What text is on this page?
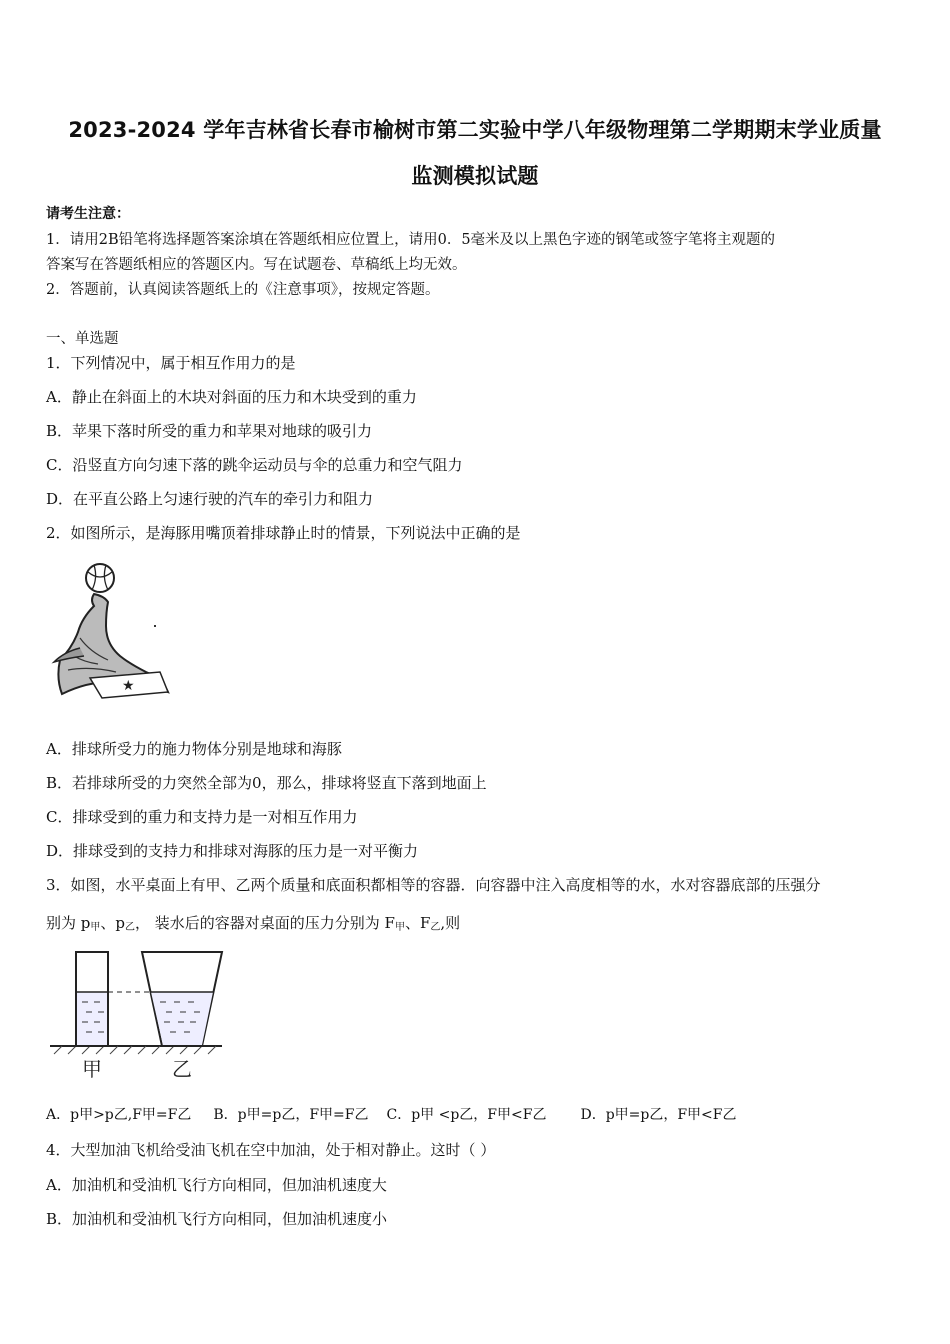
2023-2024 学年吉林省长春市榆树市第二实验中学八年级物理第二学期期末学业质量
监测模拟试题
请考生注意：
1．请用2B铅笔将选择题答案涂填在答题纸相应位置上，请用0．5毫米及以上黑色字迹的钢笔或签字笔将主观题的
答案写在答题纸相应的答题区内。写在试题卷、草稿纸上均无效。
2．答题前，认真阅读答题纸上的《注意事项》，按规定答题。
一、单选题
1．下列情况中，属于相互作用力的是
A．静止在斜面上的木块对斜面的压力和木块受到的重力
B．苹果下落时所受的重力和苹果对地球的吸引力
C．沿竖直方向匀速下落的跳伞运动员与伞的总重力和空气阻力
D．在平直公路上匀速行驶的汽车的牵引力和阻力
2．如图所示，是海豚用嘴顶着排球静止时的情景，下列说法中正确的是
★
A．排球所受力的施力物体分别是地球和海豚
B．若排球所受的力突然全部为0，那么，排球将竖直下落到地面上
C．排球受到的重力和支持力是一对相互作用力
D．排球受到的支持力和排球对海豚的压力是一对平衡力
3．如图，水平桌面上有甲、乙两个质量和底面积都相等的容器．向容器中注入高度相等的水，水对容器底部的压强分
别为 $p_甲$、$p_乙$， 装水后的容器对桌面的压力分别为 $F_甲$、$F_乙$,则
甲	乙
A．p甲>p乙,F甲=F乙 B．p甲=p乙，F甲=F乙 C．p甲 <p乙，F甲<F乙 D．p甲=p乙，F甲<F乙
4．大型加油飞机给受油飞机在空中加油，处于相对静止。这时（ ）
A．加油机和受油机飞行方向相同，但加油机速度大
B．加油机和受油机飞行方向相同，但加油机速度小
